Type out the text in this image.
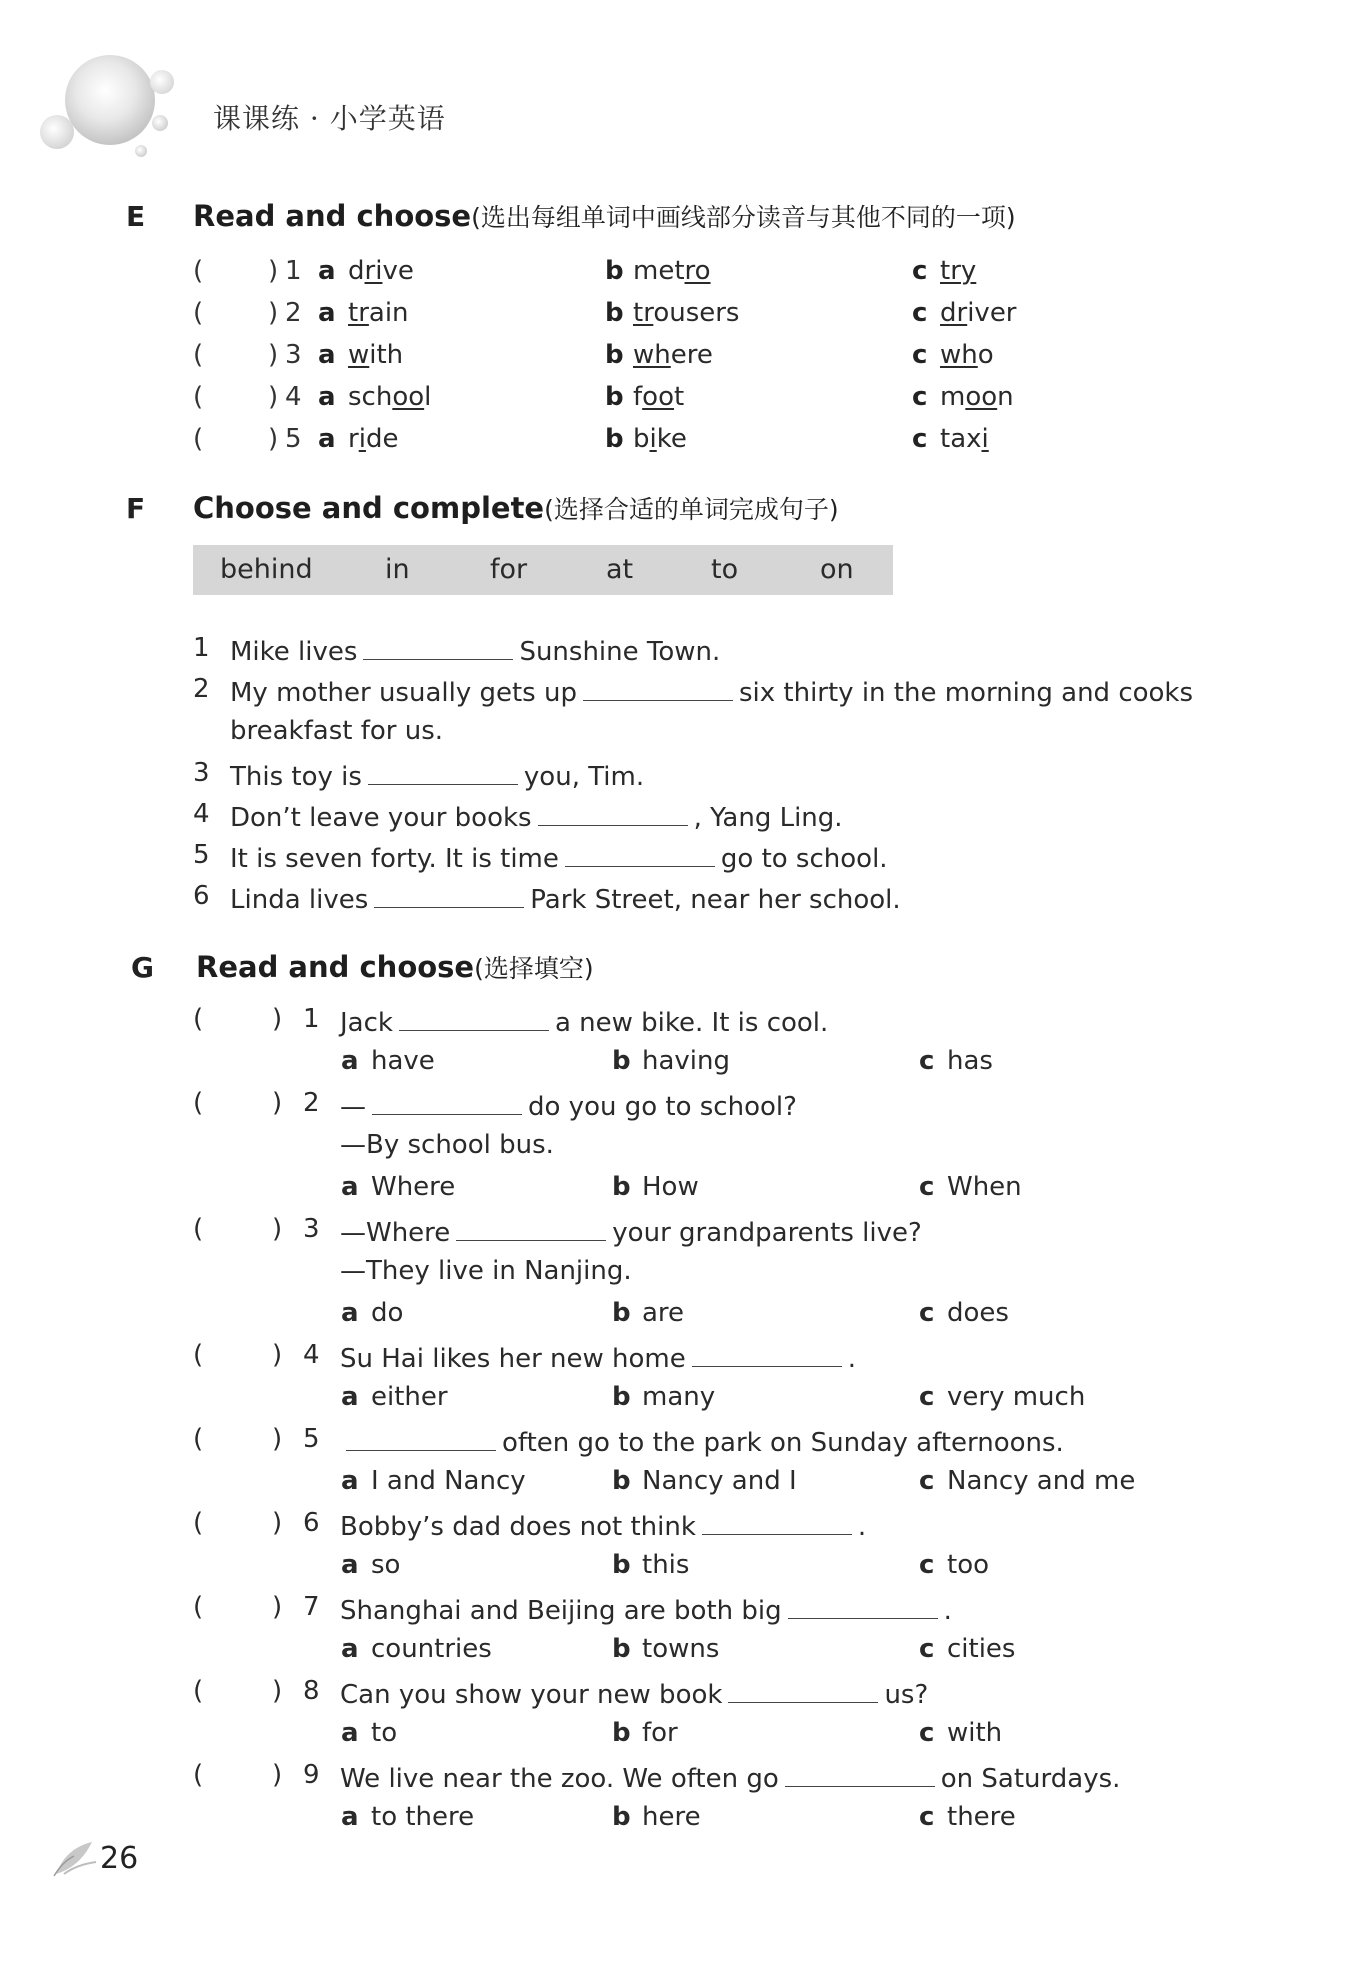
课课练 · 小学英语
E Read and choose(选出每组单词中画线部分读音与其他不同的一项)
( ) 1 a drive	b metro	c try
( ) 2 a train	b trousers	c driver
( ) 3 a with	b where	c who
( ) 4 a school	b foot	c moon
( ) 5 a ride	b bike	c taxi
F Choose and complete(选择合适的单词完成句子)
behind	in	for	at	to	on
1 Mike lives	Sunshine Town.
2 My mother usually gets up	six thirty in the morning and cooks
breakfast for us.
3 This toy is	you, Tim.
4 Don’t leave your books	, Yang Ling.
5 It is seven forty. It is time	go to school.
6 Linda lives	Park Street, near her school.
G Read and choose(选择填空)
(	) 1 Jack	a new bike. It is cool.
a have	b having	c has
(	) 2 —	do you go to school?
—By school bus.
a Where	b How	c When
(	) 3 —Where	your grandparents live?
—They live in Nanjing.
a do	b are	c does
(	) 4 Su Hai likes her new home	.
a either	b many	c very much
(	) 5	often go to the park on Sunday afternoons.
a I and Nancy	b Nancy and I	c Nancy and me
(	) 6 Bobby’s dad does not think	.
a so	b this	c too
(	) 7 Shanghai and Beijing are both big	.
a countries	b towns	c cities
(	) 8 Can you show your new book	us?
a to	b for	c with
(	) 9 We live near the zoo. We often go	on Saturdays.
a to there	b here	c there
26
